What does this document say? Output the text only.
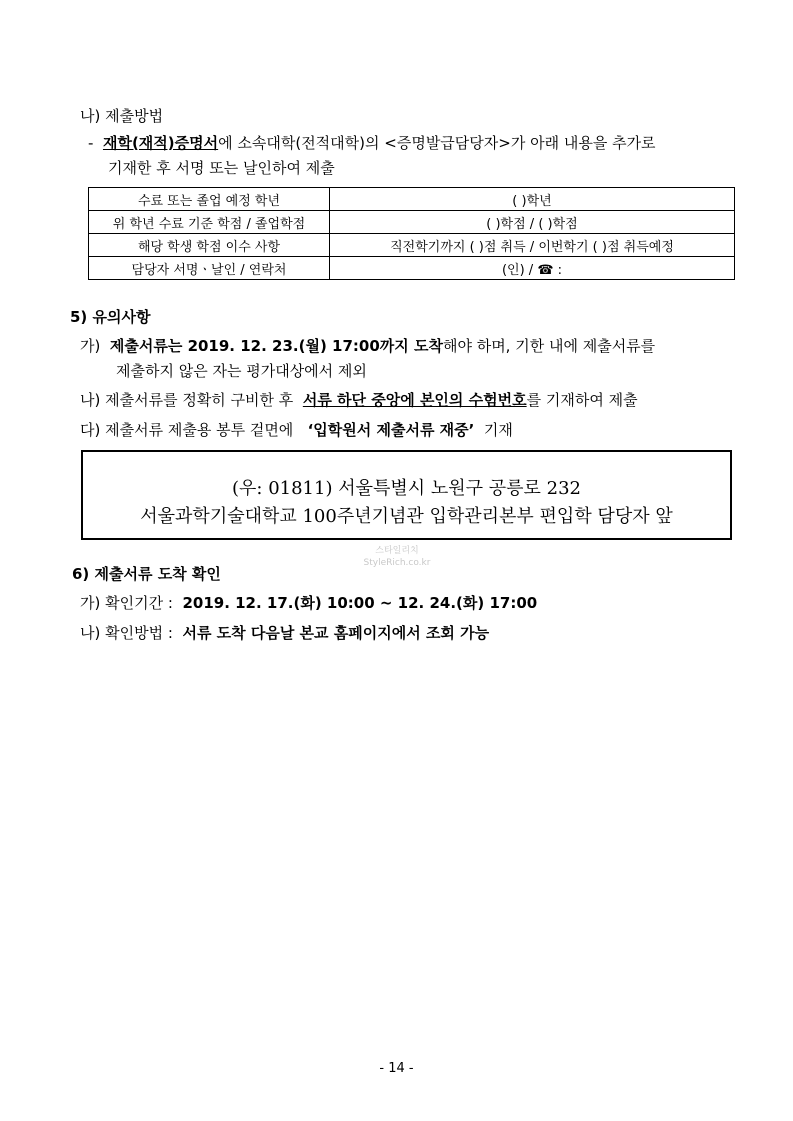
나) 제출방법
- 재학(재적)증명서에 소속대학(전적대학)의 <증명발급담당자>가 아래 내용을 추가로
기재한 후 서명 또는 날인하여 제출
수료 또는 졸업 예정 학년	( )학년
위 학년 수료 기준 학점 / 졸업학점	( )학점 / ( )학점
해당 학생 학점 이수 사항	직전학기까지 ( )점 취득 / 이번학기 ( )점 취득예정
담당자 서명ㆍ날인 / 연락처	(인) / ☎ :
5) 유의사항
가) 제출서류는 2019. 12. 23.(월) 17:00까지 도착해야 하며, 기한 내에 제출서류를
제출하지 않은 자는 평가대상에서 제외
나) 제출서류를 정확히 구비한 후 서류 하단 중앙에 본인의 수험번호를 기재하여 제출
다) 제출서류 제출용 봉투 겉면에 ‘입학원서 제출서류 재중’ 기재
(우: 01811) 서울특별시 노원구 공릉로 232
서울과학기술대학교 100주년기념관 입학관리본부 편입학 담당자 앞
스타일리치
StyleRich.co.kr
6) 제출서류 도착 확인
가) 확인기간 : 2019. 12. 17.(화) 10:00 ~ 12. 24.(화) 17:00
나) 확인방법 : 서류 도착 다음날 본교 홈페이지에서 조회 가능
- 14 -
